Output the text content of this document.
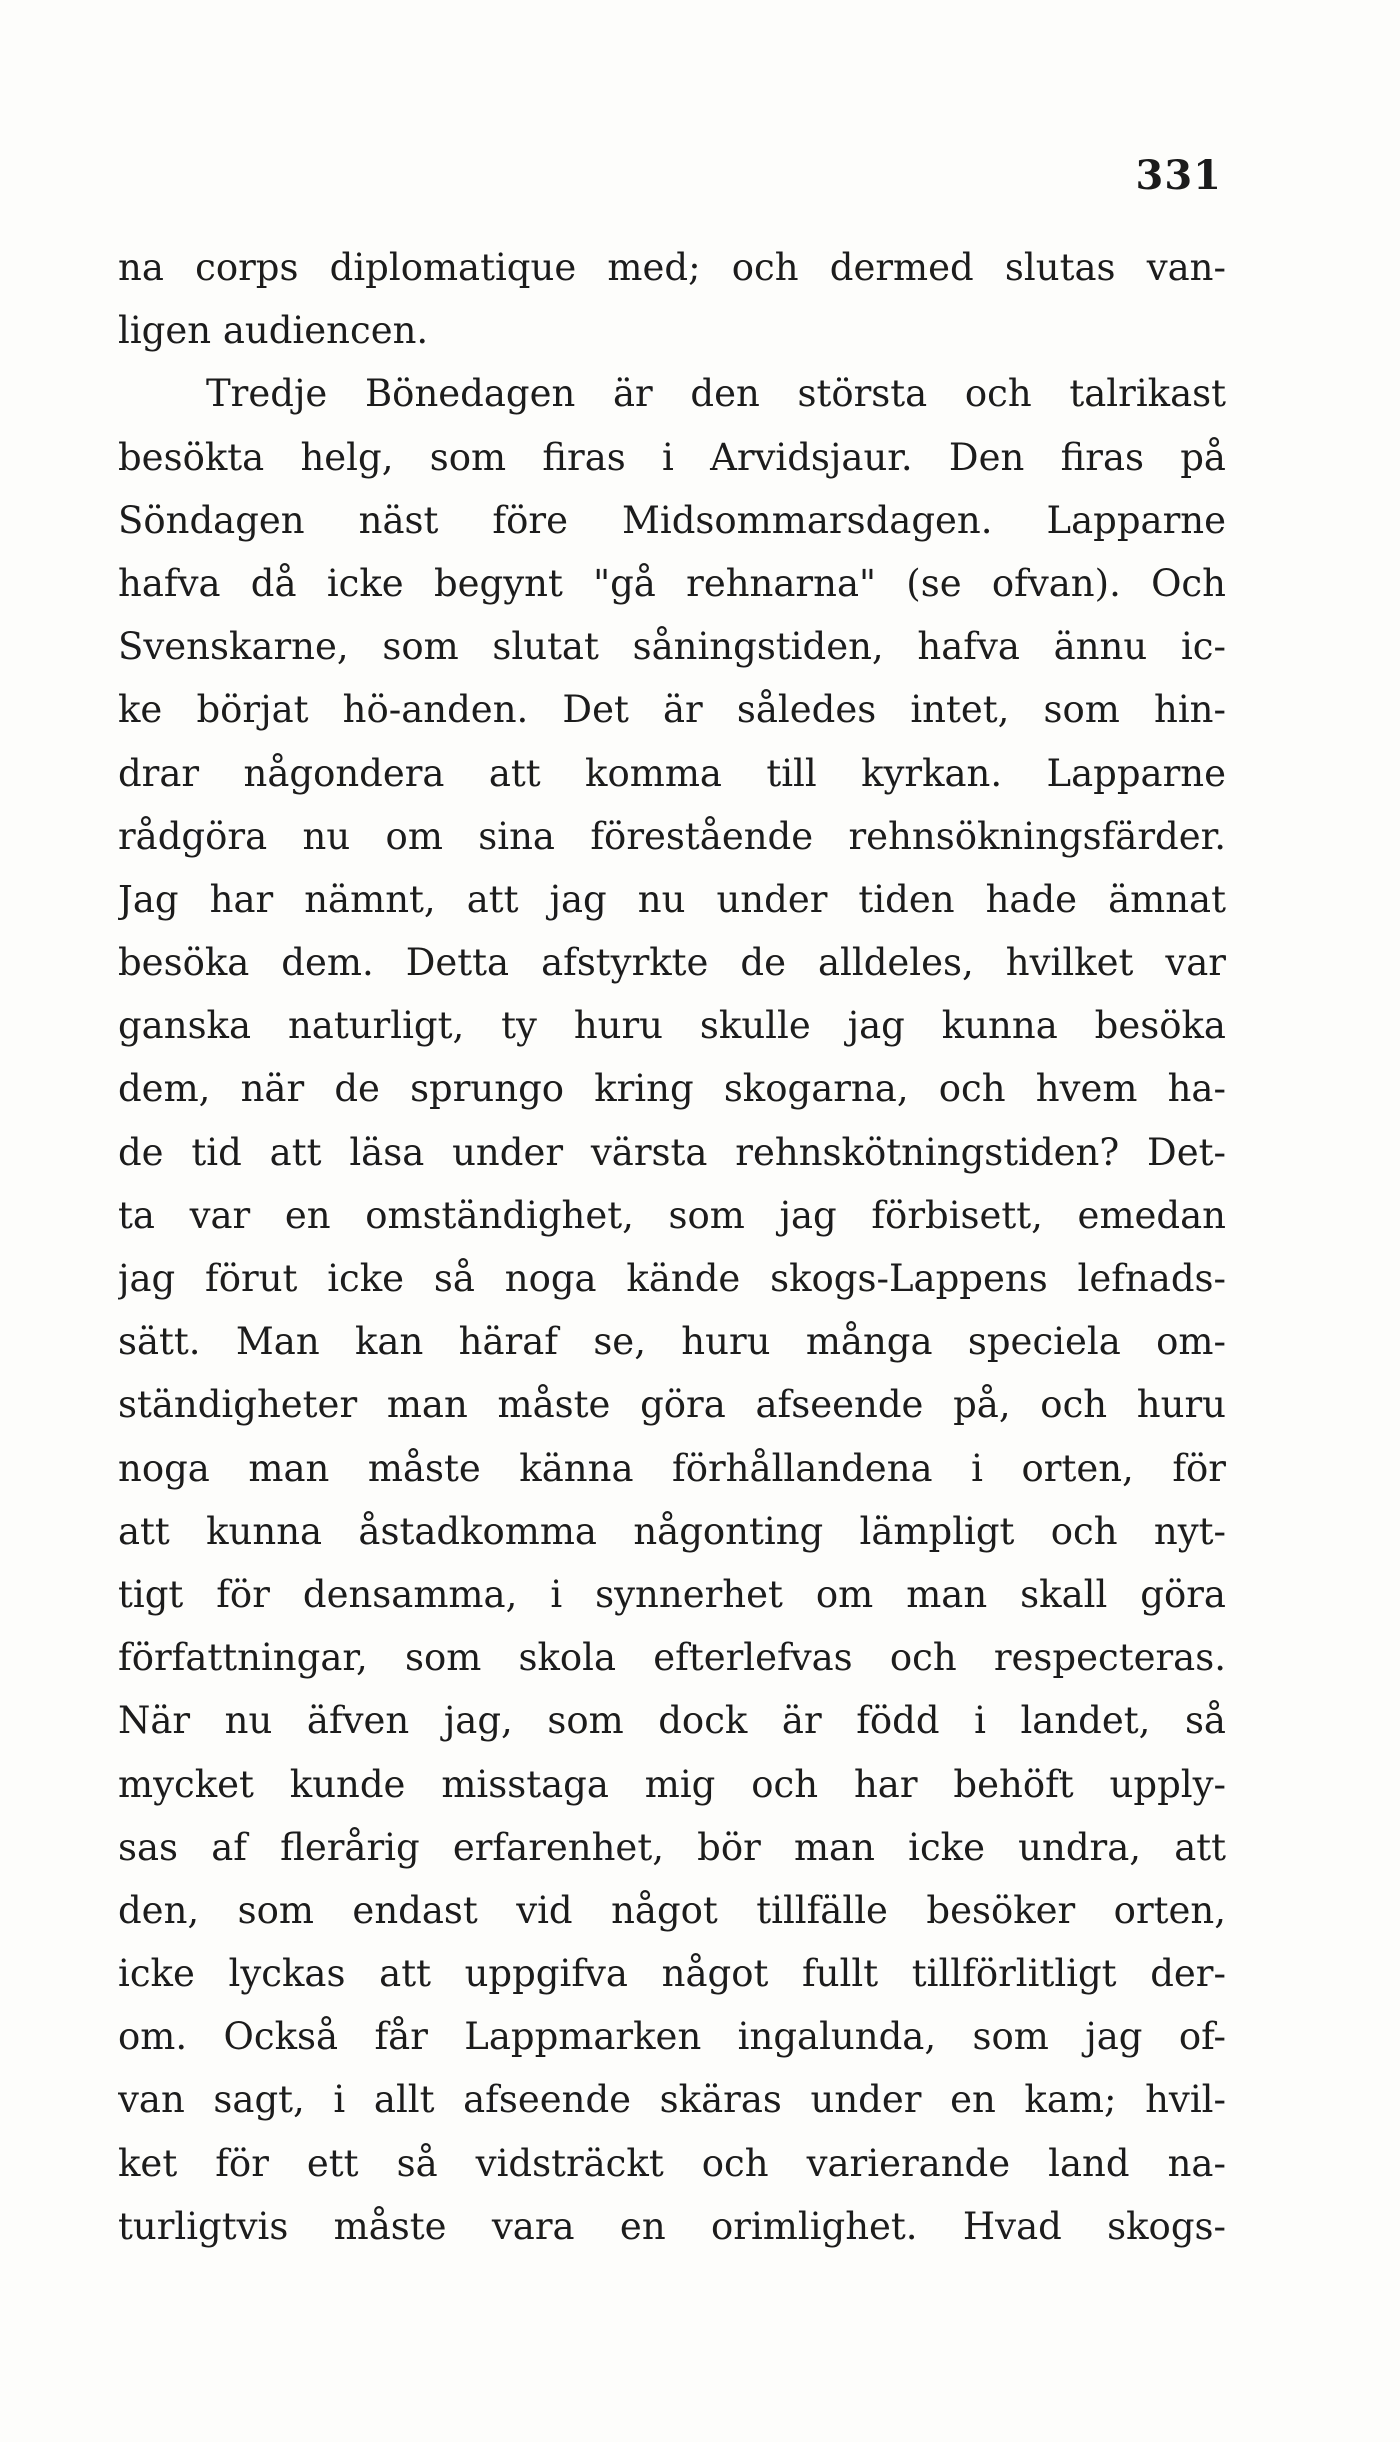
331
na corps diplomatique med; och dermed slutas van-
ligen audiencen.
Tredje Bönedagen är den största och talrikast
besökta helg, som firas i Arvidsjaur. Den firas på
Söndagen näst före Midsommarsdagen. Lapparne
hafva då icke begynt "gå rehnarna" (se ofvan). Och
Svenskarne, som slutat såningstiden, hafva ännu ic-
ke börjat hö-anden. Det är således intet, som hin-
drar någondera att komma till kyrkan. Lapparne
rådgöra nu om sina förestående rehnsökningsfärder.
Jag har nämnt, att jag nu under tiden hade ämnat
besöka dem. Detta afstyrkte de alldeles, hvilket var
ganska naturligt, ty huru skulle jag kunna besöka
dem, när de sprungo kring skogarna, och hvem ha-
de tid att läsa under värsta rehnskötningstiden? Det-
ta var en omständighet, som jag förbisett, emedan
jag förut icke så noga kände skogs-Lappens lefnads-
sätt. Man kan häraf se, huru många speciela om-
ständigheter man måste göra afseende på, och huru
noga man måste känna förhållandena i orten, för
att kunna åstadkomma någonting lämpligt och nyt-
tigt för densamma, i synnerhet om man skall göra
författningar, som skola efterlefvas och respecteras.
När nu äfven jag, som dock är född i landet, så
mycket kunde misstaga mig och har behöft upply-
sas af flerårig erfarenhet, bör man icke undra, att
den, som endast vid något tillfälle besöker orten,
icke lyckas att uppgifva något fullt tillförlitligt der-
om. Också får Lappmarken ingalunda, som jag of-
van sagt, i allt afseende skäras under en kam; hvil-
ket för ett så vidsträckt och varierande land na-
turligtvis måste vara en orimlighet. Hvad skogs-
